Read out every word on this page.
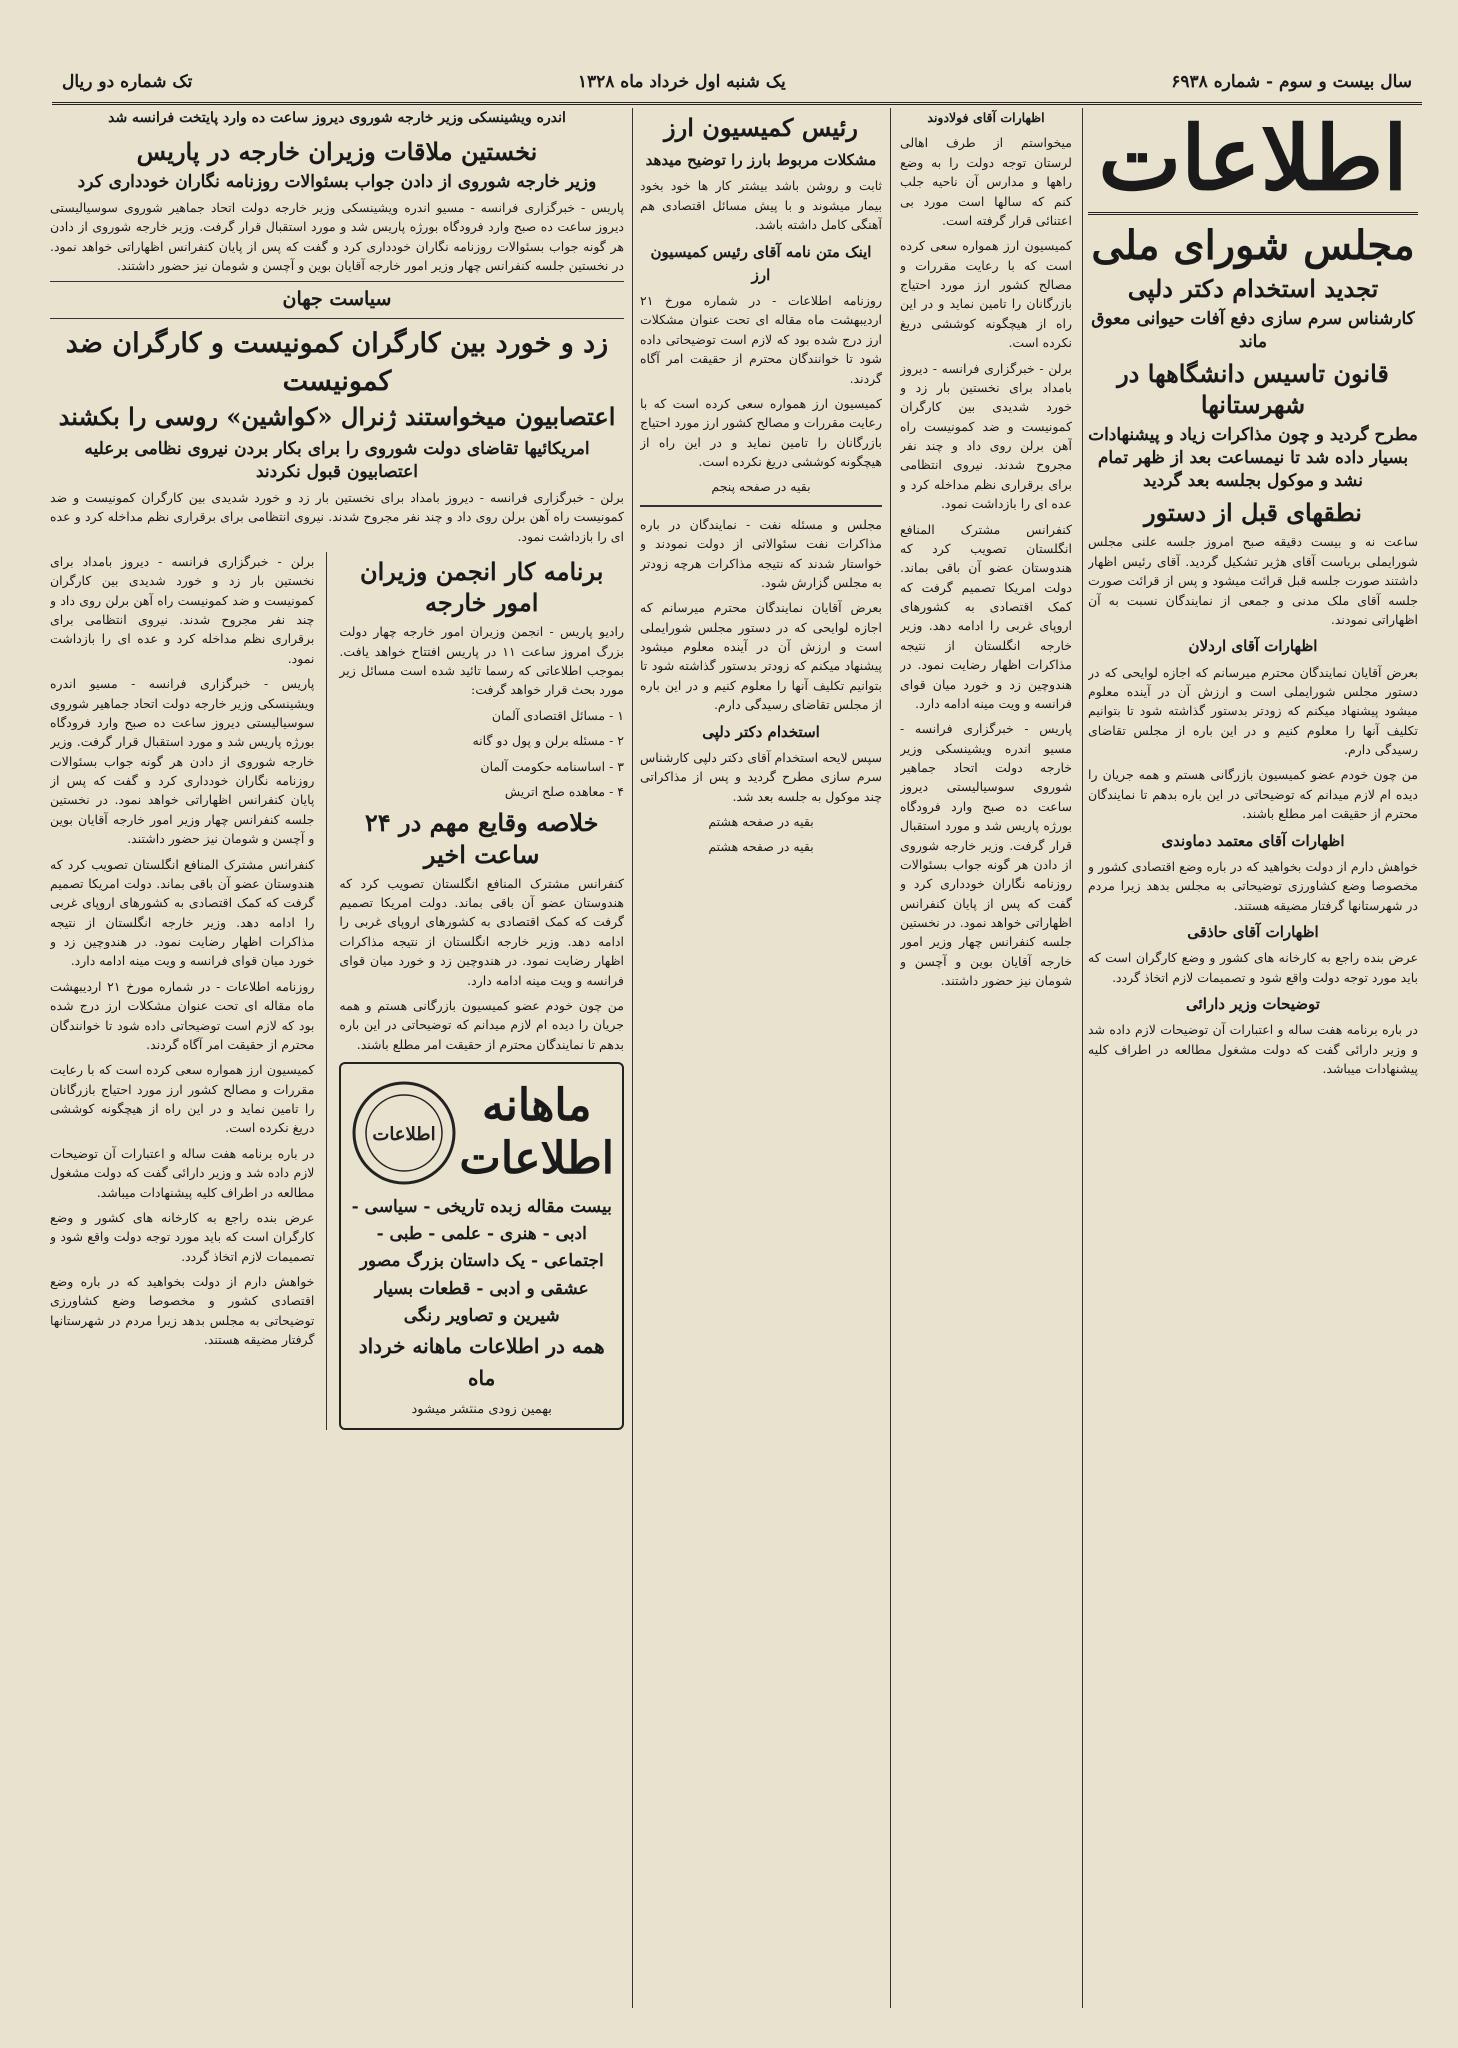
سال بیست و سوم - شماره ۶۹۳۸
یک شنبه اول خرداد ماه ۱۳۲۸
تک شماره دو ریال
اطلاعات
مجلس شورای ملی
تجدید استخدام دکتر دلپی
کارشناس سرم سازی دفع آفات حیوانی معوق ماند
قانون تاسیس دانشگاهها در شهرستانها
مطرح گردید و چون مذاکرات زیاد و پیشنهادات بسیار داده شد تا نیمساعت بعد از ظهر تمام نشد و موکول بجلسه بعد گردید
نطقهای قبل از دستور

ساعت نه و بیست دقیقه صبح امروز جلسه علنی مجلس شورایملی بریاست آقای هژیر تشکیل گردید. آقای رئیس اظهار داشتند صورت جلسه قبل قرائت میشود و پس از قرائت صورت جلسه آقای ملک مدنی و جمعی از نمایندگان نسبت به آن اظهاراتی نمودند.

اظهارات آقای اردلان

بعرض آقایان نمایندگان محترم میرسانم که اجازه لوایحی که در دستور مجلس شورایملی است و ارزش آن در آینده معلوم میشود پیشنهاد میکنم که زودتر بدستور گذاشته شود تا بتوانیم تکلیف آنها را معلوم کنیم و در این باره از مجلس تقاضای رسیدگی دارم.

من چون خودم عضو کمیسیون بازرگانی هستم و همه جریان را دیده ام لازم میدانم که توضیحاتی در این باره بدهم تا نمایندگان محترم از حقیقت امر مطلع باشند.

اظهارات آقای معتمد دماوندی

خواهش دارم از دولت بخواهید که در باره وضع اقتصادی کشور و مخصوصا وضع کشاورزی توضیحاتی به مجلس بدهد زیرا مردم در شهرستانها گرفتار مضیقه هستند.

اظهارات آقای حاذقی

عرض بنده راجع به کارخانه های کشور و وضع کارگران است که باید مورد توجه دولت واقع شود و تصمیمات لازم اتخاذ گردد.

توضیحات وزیر دارائی

در باره برنامه هفت ساله و اعتبارات آن توضیحات لازم داده شد و وزیر دارائی گفت که دولت مشغول مطالعه در اطراف کلیه پیشنهادات میباشد.

اظهارات آقای فولادوند

میخواستم از طرف اهالی لرستان توجه دولت را به وضع راهها و مدارس آن ناحیه جلب کنم که سالها است مورد بی اعتنائی قرار گرفته است.

کمیسیون ارز همواره سعی کرده است که با رعایت مقررات و مصالح کشور ارز مورد احتیاج بازرگانان را تامین نماید و در این راه از هیچگونه کوششی دریغ نکرده است.

برلن - خبرگزاری فرانسه - دیروز بامداد برای نخستین بار زد و خورد شدیدی بین کارگران کمونیست و ضد کمونیست راه آهن برلن روی داد و چند نفر مجروح شدند. نیروی انتظامی برای برقراری نظم مداخله کرد و عده ای را بازداشت نمود.

کنفرانس مشترک المنافع انگلستان تصویب کرد که هندوستان عضو آن باقی بماند. دولت امریکا تصمیم گرفت که کمک اقتصادی به کشورهای اروپای غربی را ادامه دهد. وزیر خارجه انگلستان از نتیجه مذاکرات اظهار رضایت نمود. در هندوچین زد و خورد میان قوای فرانسه و ویت مینه ادامه دارد.

پاریس - خبرگزاری فرانسه - مسیو اندره ویشینسکی وزیر خارجه دولت اتحاد جماهیر شوروی سوسیالیستی دیروز ساعت ده صبح وارد فرودگاه بورژه پاریس شد و مورد استقبال قرار گرفت. وزیر خارجه شوروی از دادن هر گونه جواب بسئوالات روزنامه نگاران خودداری کرد و گفت که پس از پایان کنفرانس اظهاراتی خواهد نمود. در نخستین جلسه کنفرانس چهار وزیر امور خارجه آقایان بوین و آچسن و شومان نیز حضور داشتند.

رئیس کمیسیون ارز
مشکلات مربوط بارز را توضیح میدهد

ثابت و روشن باشد بیشتر کار ها خود بخود بیمار میشوند و با پیش مسائل اقتصادی هم آهنگی کامل داشته باشد.

اینک متن نامه آقای رئیس کمیسیون ارز

روزنامه اطلاعات - در شماره مورخ ۲۱ اردیبهشت ماه مقاله ای تحت عنوان مشکلات ارز درج شده بود که لازم است توضیحاتی داده شود تا خوانندگان محترم از حقیقت امر آگاه گردند.

کمیسیون ارز همواره سعی کرده است که با رعایت مقررات و مصالح کشور ارز مورد احتیاج بازرگانان را تامین نماید و در این راه از هیچگونه کوششی دریغ نکرده است.

بقیه در صفحه پنجم

مجلس و مسئله نفت - نمایندگان در باره مذاکرات نفت سئوالاتی از دولت نمودند و خواستار شدند که نتیجه مذاکرات هرچه زودتر به مجلس گزارش شود.

بعرض آقایان نمایندگان محترم میرسانم که اجازه لوایحی که در دستور مجلس شورایملی است و ارزش آن در آینده معلوم میشود پیشنهاد میکنم که زودتر بدستور گذاشته شود تا بتوانیم تکلیف آنها را معلوم کنیم و در این باره از مجلس تقاضای رسیدگی دارم.

استخدام دکتر دلپی

سپس لایحه استخدام آقای دکتر دلپی کارشناس سرم سازی مطرح گردید و پس از مذاکراتی چند موکول به جلسه بعد شد.

بقیه در صفحه هشتم

بقیه در صفحه هشتم

اندره ویشینسکی وزیر خارجه شوروی دیروز ساعت ده وارد پایتخت فرانسه شد

نخستین ملاقات وزیران خارجه در پاریس
وزیر خارجه شوروی از دادن جواب بسئوالات روزنامه نگاران خودداری کرد

پاریس - خبرگزاری فرانسه - مسیو اندره ویشینسکی وزیر خارجه دولت اتحاد جماهیر شوروی سوسیالیستی دیروز ساعت ده صبح وارد فرودگاه بورژه پاریس شد و مورد استقبال قرار گرفت. وزیر خارجه شوروی از دادن هر گونه جواب بسئوالات روزنامه نگاران خودداری کرد و گفت که پس از پایان کنفرانس اظهاراتی خواهد نمود. در نخستین جلسه کنفرانس چهار وزیر امور خارجه آقایان بوین و آچسن و شومان نیز حضور داشتند.

سیاست جهان
زد و خورد بین کارگران کمونیست و کارگران ضد کمونیست
اعتصابیون میخواستند ژنرال «کواشین» روسی را بکشند
امریکائیها تقاضای دولت شوروی را برای بکار بردن نیروی نظامی برعلیه اعتصابیون قبول نکردند

برلن - خبرگزاری فرانسه - دیروز بامداد برای نخستین بار زد و خورد شدیدی بین کارگران کمونیست و ضد کمونیست راه آهن برلن روی داد و چند نفر مجروح شدند. نیروی انتظامی برای برقراری نظم مداخله کرد و عده ای را بازداشت نمود.

برنامه کار انجمن وزیران امور خارجه

رادیو پاریس - انجمن وزیران امور خارجه چهار دولت بزرگ امروز ساعت ۱۱ در پاریس افتتاح خواهد یافت. بموجب اطلاعاتی که رسما تائید شده است مسائل زیر مورد بحث قرار خواهد گرفت:

۱ - مسائل اقتصادی آلمان

۲ - مسئله برلن و پول دو گانه

۳ - اساسنامه حکومت آلمان

۴ - معاهده صلح اتریش

خلاصه وقایع مهم در ۲۴ ساعت اخیر

کنفرانس مشترک المنافع انگلستان تصویب کرد که هندوستان عضو آن باقی بماند. دولت امریکا تصمیم گرفت که کمک اقتصادی به کشورهای اروپای غربی را ادامه دهد. وزیر خارجه انگلستان از نتیجه مذاکرات اظهار رضایت نمود. در هندوچین زد و خورد میان قوای فرانسه و ویت مینه ادامه دارد.

من چون خودم عضو کمیسیون بازرگانی هستم و همه جریان را دیده ام لازم میدانم که توضیحاتی در این باره بدهم تا نمایندگان محترم از حقیقت امر مطلع باشند.

ماهانه
اطلاعات
اطلاعات
بیست مقاله زبده تاریخی - سیاسی - ادبی - هنری - علمی - طبی - اجتماعی - یک داستان بزرگ مصور عشقی و ادبی - قطعات بسیار شیرین و تصاویر رنگی
همه در اطلاعات ماهانه خرداد ماه
بهمین زودی منتشر میشود

برلن - خبرگزاری فرانسه - دیروز بامداد برای نخستین بار زد و خورد شدیدی بین کارگران کمونیست و ضد کمونیست راه آهن برلن روی داد و چند نفر مجروح شدند. نیروی انتظامی برای برقراری نظم مداخله کرد و عده ای را بازداشت نمود.

پاریس - خبرگزاری فرانسه - مسیو اندره ویشینسکی وزیر خارجه دولت اتحاد جماهیر شوروی سوسیالیستی دیروز ساعت ده صبح وارد فرودگاه بورژه پاریس شد و مورد استقبال قرار گرفت. وزیر خارجه شوروی از دادن هر گونه جواب بسئوالات روزنامه نگاران خودداری کرد و گفت که پس از پایان کنفرانس اظهاراتی خواهد نمود. در نخستین جلسه کنفرانس چهار وزیر امور خارجه آقایان بوین و آچسن و شومان نیز حضور داشتند.

کنفرانس مشترک المنافع انگلستان تصویب کرد که هندوستان عضو آن باقی بماند. دولت امریکا تصمیم گرفت که کمک اقتصادی به کشورهای اروپای غربی را ادامه دهد. وزیر خارجه انگلستان از نتیجه مذاکرات اظهار رضایت نمود. در هندوچین زد و خورد میان قوای فرانسه و ویت مینه ادامه دارد.

روزنامه اطلاعات - در شماره مورخ ۲۱ اردیبهشت ماه مقاله ای تحت عنوان مشکلات ارز درج شده بود که لازم است توضیحاتی داده شود تا خوانندگان محترم از حقیقت امر آگاه گردند.

کمیسیون ارز همواره سعی کرده است که با رعایت مقررات و مصالح کشور ارز مورد احتیاج بازرگانان را تامین نماید و در این راه از هیچگونه کوششی دریغ نکرده است.

در باره برنامه هفت ساله و اعتبارات آن توضیحات لازم داده شد و وزیر دارائی گفت که دولت مشغول مطالعه در اطراف کلیه پیشنهادات میباشد.

عرض بنده راجع به کارخانه های کشور و وضع کارگران است که باید مورد توجه دولت واقع شود و تصمیمات لازم اتخاذ گردد.

خواهش دارم از دولت بخواهید که در باره وضع اقتصادی کشور و مخصوصا وضع کشاورزی توضیحاتی به مجلس بدهد زیرا مردم در شهرستانها گرفتار مضیقه هستند.
